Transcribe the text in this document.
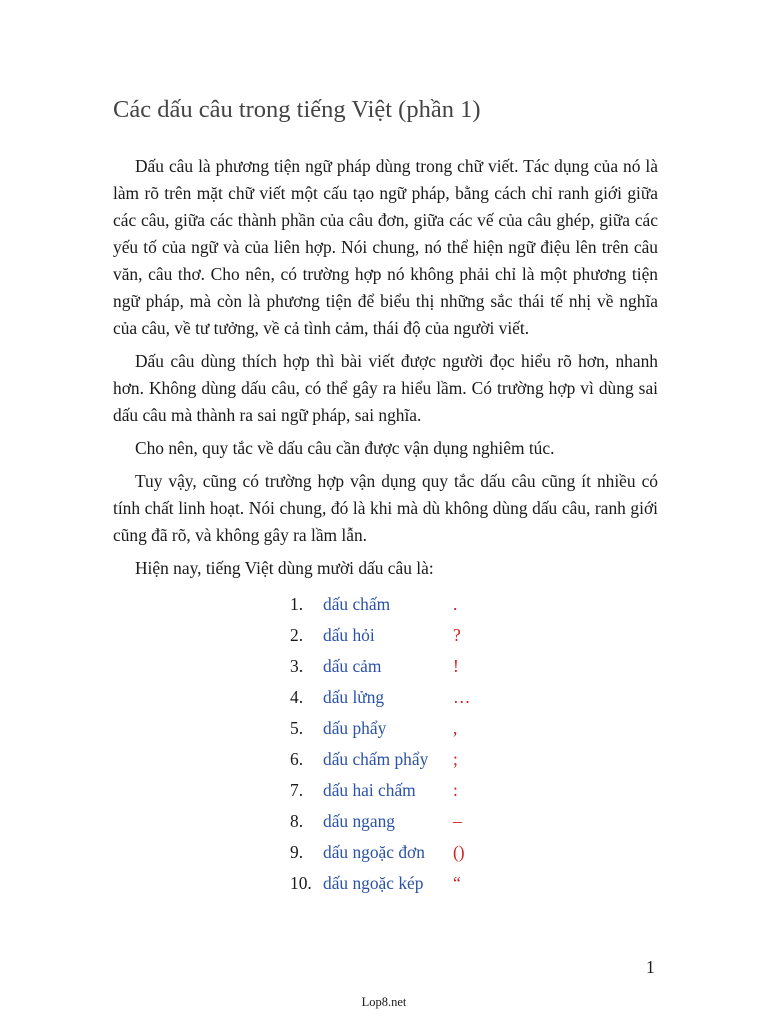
Các dấu câu trong tiếng Việt (phần 1)

Dấu câu là phương tiện ngữ pháp dùng trong chữ viết. Tác dụng của nó là làm rõ trên mặt chữ viết một cấu tạo ngữ pháp, bằng cách chỉ ranh giới giữa các câu, giữa các thành phần của câu đơn, giữa các vế của câu ghép, giữa các yếu tố của ngữ và của liên hợp. Nói chung, nó thể hiện ngữ điệu lên trên câu văn, câu thơ. Cho nên, có trường hợp nó không phải chỉ là một phương tiện ngữ pháp, mà còn là phương tiện để biểu thị những sắc thái tế nhị về nghĩa của câu, về tư tưởng, về cả tình cảm, thái độ của người viết.

Dấu câu dùng thích hợp thì bài viết được người đọc hiểu rõ hơn, nhanh hơn. Không dùng dấu câu, có thể gây ra hiểu lầm. Có trường hợp vì dùng sai dấu câu mà thành ra sai ngữ pháp, sai nghĩa.

Cho nên, quy tắc về dấu câu cần được vận dụng nghiêm túc.

Tuy vậy, cũng có trường hợp vận dụng quy tắc dấu câu cũng ít nhiều có tính chất linh hoạt. Nói chung, đó là khi mà dù không dùng dấu câu, ranh giới cũng đã rõ, và không gây ra lầm lẫn.

Hiện nay, tiếng Việt dùng mười dấu câu là:

1. dấu chấm	.
2. dấu hỏi	?
3. dấu cảm	!
4. dấu lửng	…
5. dấu phẩy	,
6. dấu chấm phẩy ;
7. dấu hai chấm :
8. dấu ngang	–
9. dấu ngoặc đơn ()
10. dấu ngoặc kép “
1
Lop8.net
